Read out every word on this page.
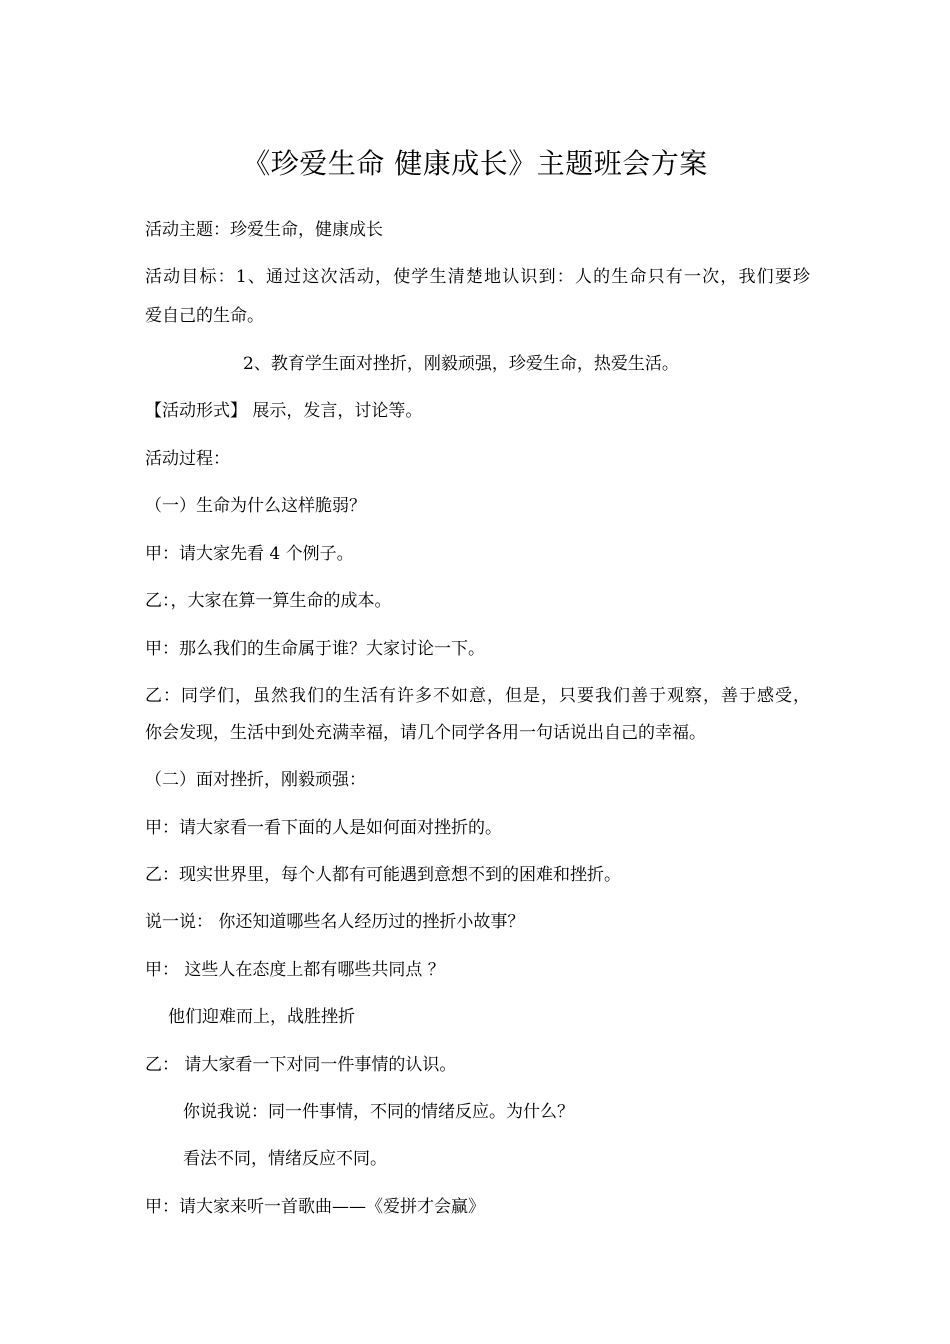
《珍爱生命 健康成长》主题班会方案
活动主题：珍爱生命，健康成长
活动目标：1、通过这次活动，使学生清楚地认识到：人的生命只有一次，我们要珍
爱自己的生命。
2、教育学生面对挫折，刚毅顽强，珍爱生命，热爱生活。
【活动形式】 展示，发言，讨论等。
活动过程：
（一）生命为什么这样脆弱？
甲：请大家先看 4 个例子。
乙：，大家在算一算生命的成本。
甲：那么我们的生命属于谁？大家讨论一下。
乙：同学们，虽然我们的生活有许多不如意，但是，只要我们善于观察，善于感受，
你会发现，生活中到处充满幸福，请几个同学各用一句话说出自己的幸福。
（二）面对挫折，刚毅顽强：
甲：请大家看一看下面的人是如何面对挫折的。
乙：现实世界里，每个人都有可能遇到意想不到的困难和挫折。
说一说： 你还知道哪些名人经历过的挫折小故事？
甲： 这些人在态度上都有哪些共同点 ？
他们迎难而上，战胜挫折
乙： 请大家看一下对同一件事情的认识。
你说我说：同一件事情，不同的情绪反应。为什么？
看法不同，情绪反应不同。
甲：请大家来听一首歌曲——《爱拼才会赢》
